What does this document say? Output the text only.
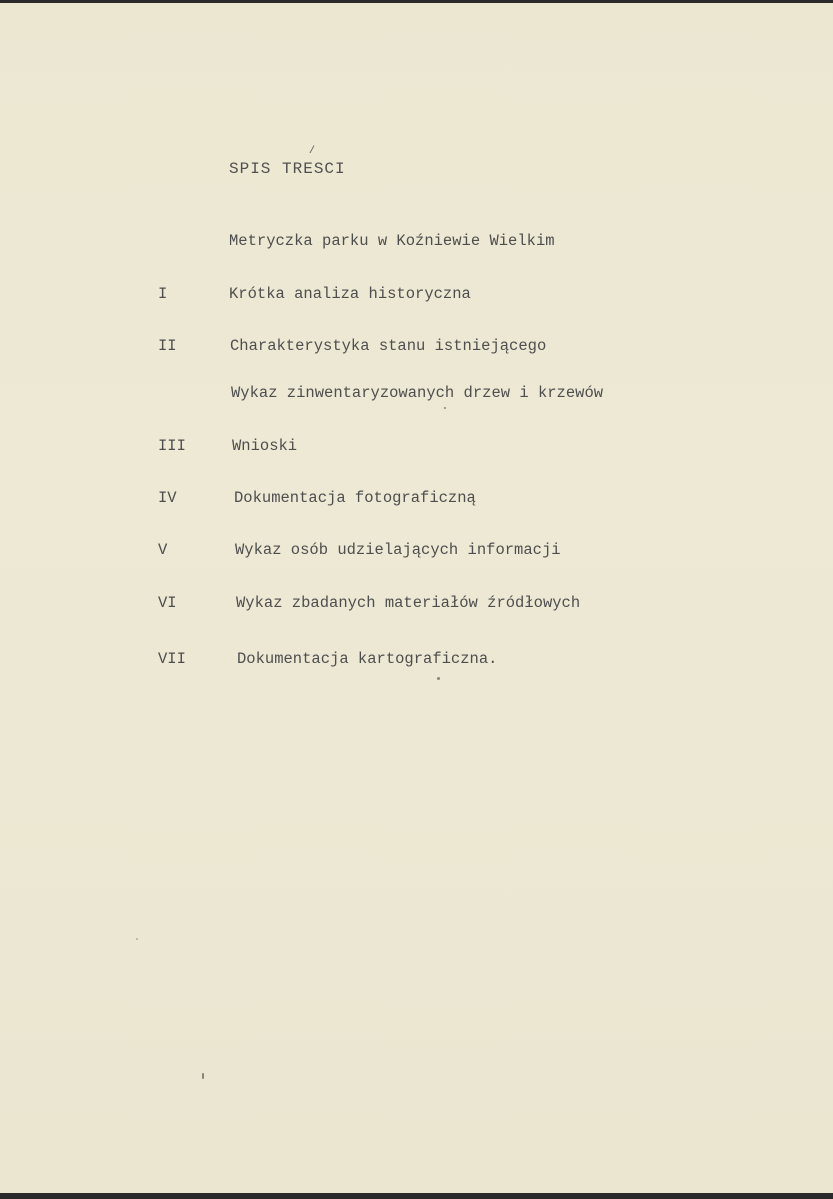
/
SPIS TRESCI
Metryczka parku w Koźniewie Wielkim
I	Krótka analiza historyczna
II	Charakterystyka stanu istniejącego
Wykaz zinwentaryzowanych drzew i krzewów
III	Wnioski
IV	Dokumentacja fotograficzną
V	Wykaz osób udzielających informacji
VI	Wykaz zbadanych materiałów źródłowych
VII	Dokumentacja kartograficzna.
